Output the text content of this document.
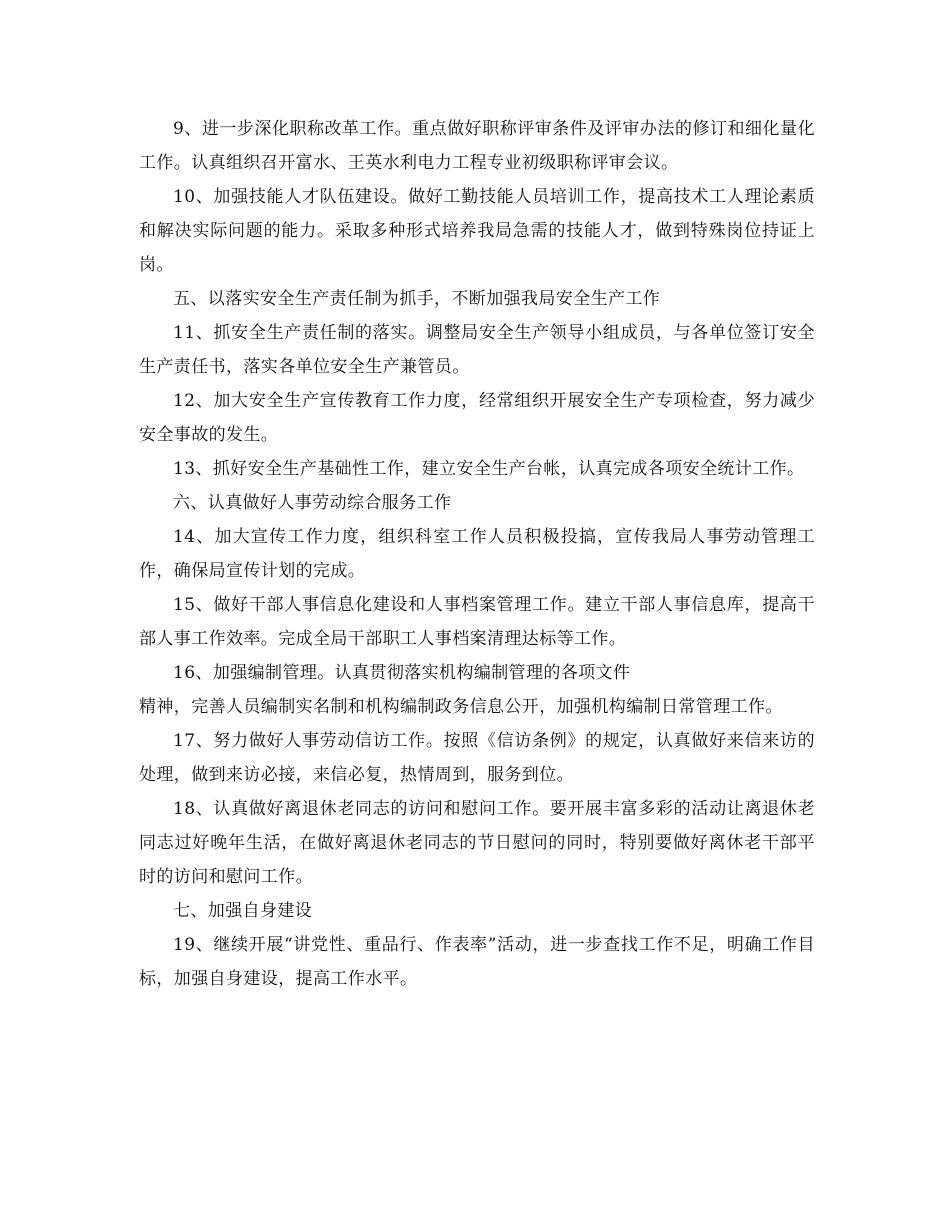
9、进一步深化职称改革工作。重点做好职称评审条件及评审办法的修订和细化量化工作。认真组织召开富水、王英水利电力工程专业初级职称评审会议。

10、加强技能人才队伍建设。做好工勤技能人员培训工作，提高技术工人理论素质和解决实际问题的能力。采取多种形式培养我局急需的技能人才，做到特殊岗位持证上岗。

五、以落实安全生产责任制为抓手，不断加强我局安全生产工作

11、抓安全生产责任制的落实。调整局安全生产领导小组成员，与各单位签订安全生产责任书，落实各单位安全生产兼管员。

12、加大安全生产宣传教育工作力度，经常组织开展安全生产专项检查，努力减少安全事故的发生。

13、抓好安全生产基础性工作，建立安全生产台帐，认真完成各项安全统计工作。

六、认真做好人事劳动综合服务工作

14、加大宣传工作力度，组织科室工作人员积极投搞，宣传我局人事劳动管理工作，确保局宣传计划的完成。

15、做好干部人事信息化建设和人事档案管理工作。建立干部人事信息库，提高干部人事工作效率。完成全局干部职工人事档案清理达标等工作。

16、加强编制管理。认真贯彻落实机构编制管理的各项文件

精神，完善人员编制实名制和机构编制政务信息公开，加强机构编制日常管理工作。

17、努力做好人事劳动信访工作。按照《信访条例》的规定，认真做好来信来访的处理，做到来访必接，来信必复，热情周到，服务到位。

18、认真做好离退休老同志的访问和慰问工作。要开展丰富多彩的活动让离退休老同志过好晚年生活，在做好离退休老同志的节日慰问的同时，特别要做好离休老干部平时的访问和慰问工作。

七、加强自身建设

19、继续开展“讲党性、重品行、作表率”活动，进一步查找工作不足，明确工作目标，加强自身建设，提高工作水平。
